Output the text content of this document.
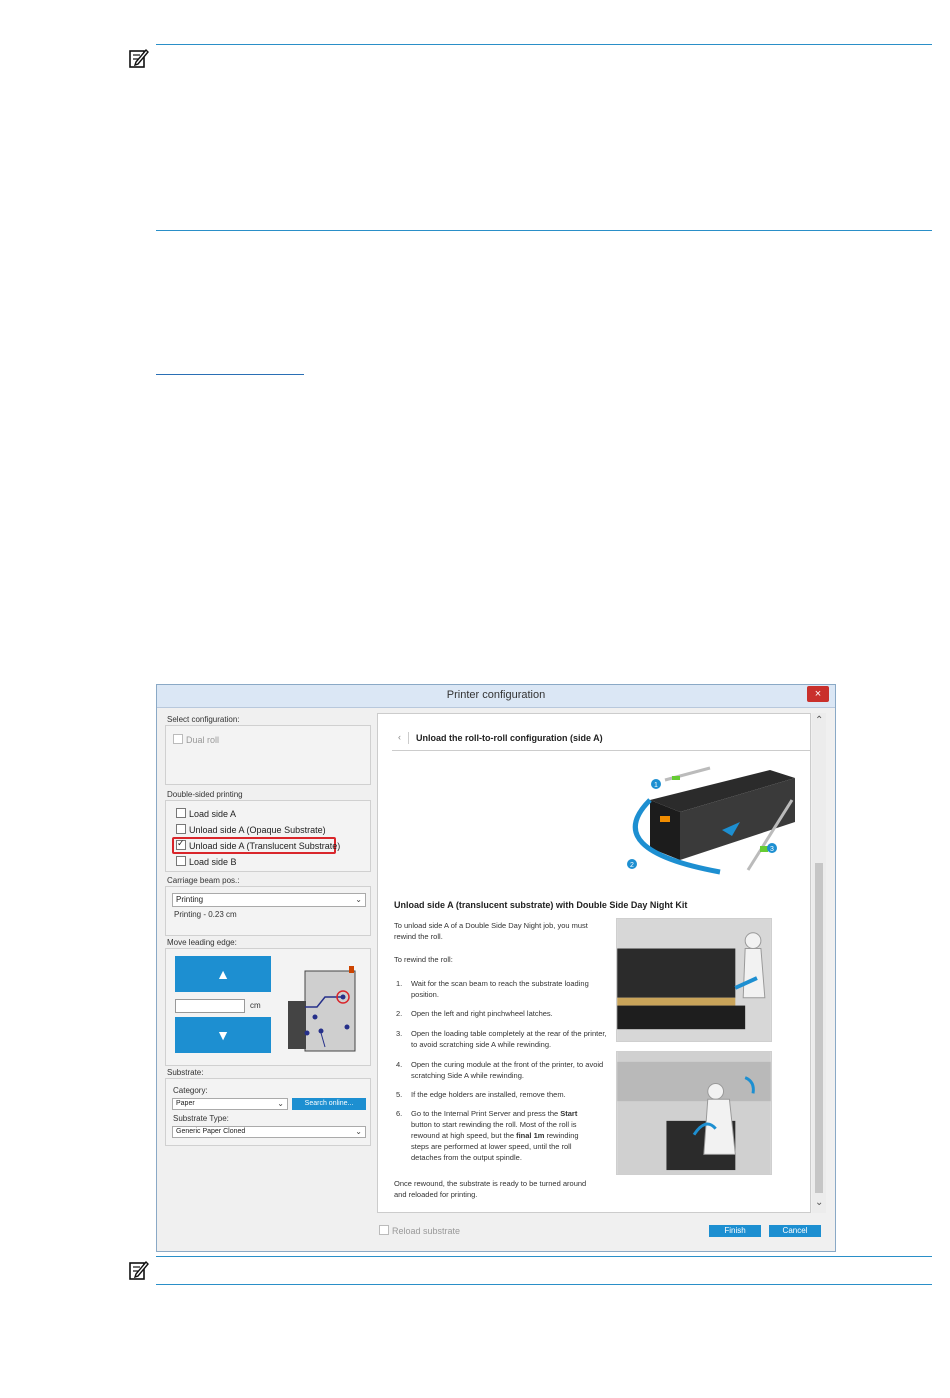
Printer configuration	×
Select configuration:
Dual roll
Double-sided printing
Load side A
Unload side A (Opaque Substrate)
✓Unload side A (Translucent Substrate)
Load side B
Carriage beam pos.:
Printing	⌄
Printing - 0.23 cm
Move leading edge:
▲
cm
▼
Substrate:
Category:
Paper	⌄	Search online...
Substrate Type:
Generic Paper Cloned	⌄
‹ Unload the roll-to-roll configuration (side A)
1
2
3
Unload side A (translucent substrate) with Double Side Day Night Kit
To unload side A of a Double Side Day Night job, you must rewind the roll.
To rewind the roll:
1. Wait for the scan beam to reach the substrate loading position.
2. Open the left and right pinchwheel latches.
3. Open the loading table completely at the rear of the printer, to avoid scratching side A while rewinding.
4. Open the curing module at the front of the printer, to avoid scratching Side A while rewinding.
5. If the edge holders are installed, remove them.
6. Go to the Internal Print Server and press the Start button to start rewinding the roll. Most of the roll is rewound at high speed, but the final 1m rewinding steps are performed at lower speed, until the roll detaches from the output spindle.
Once rewound, the substrate is ready to be turned around and reloaded for printing.
⌃
⌄
Reload substrate	Finish	Cancel
